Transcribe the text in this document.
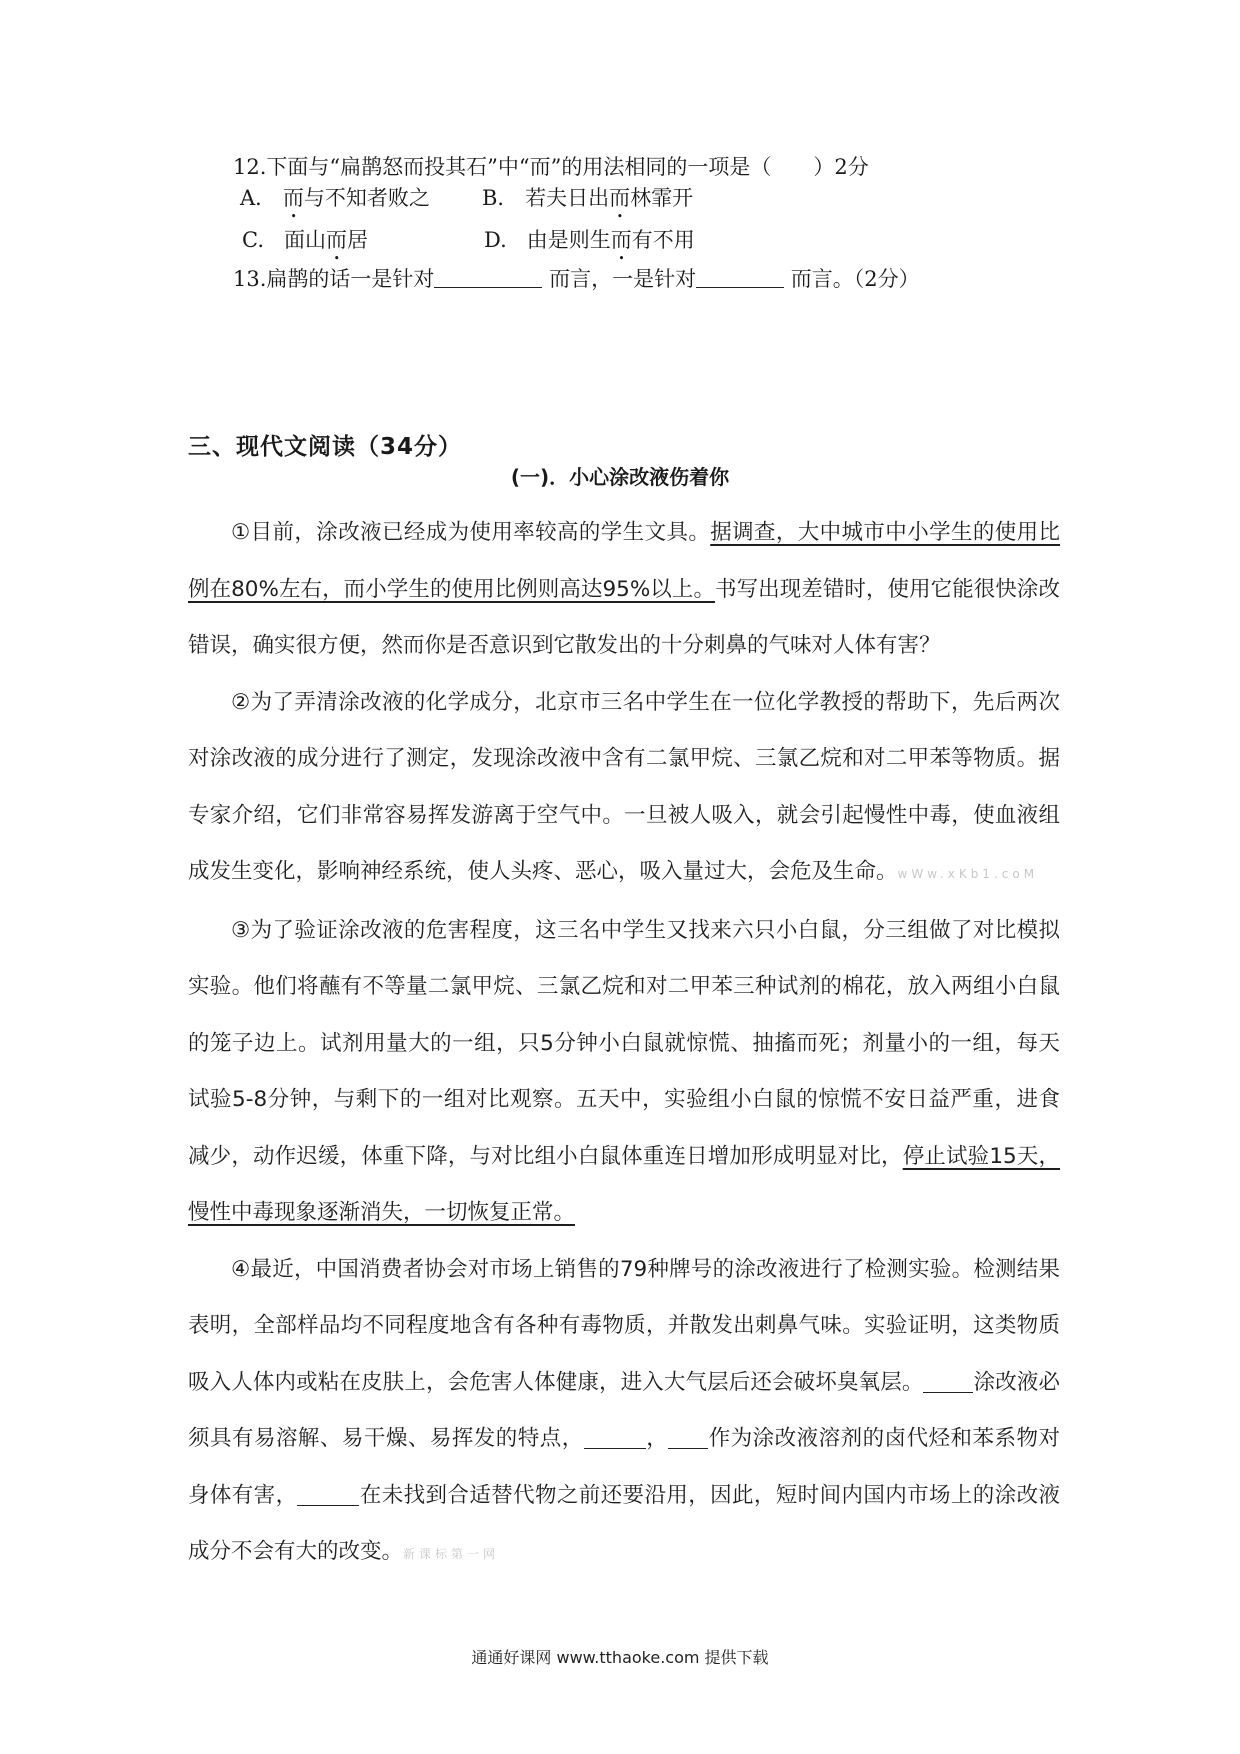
12.下面与“扁鹊怒而投其石”中“而”的用法相同的一项是（　　）2分
A． 而与不知者败之 B． 若夫日出而林霏开
C. 面山而居	D. 由是则生而有不用
13.扁鹊的话一是针对	而言，一是针对	而言。（2分）
三、现代文阅读（34分）
(一)．小心涂改液伤着你

①目前，涂改液已经成为使用率较高的学生文具。据调查，大中城市中小学生的使用比例在80%左右，而小学生的使用比例则高达95%以上。书写出现差错时，使用它能很快涂改错误，确实很方便，然而你是否意识到它散发出的十分刺鼻的气味对人体有害？

②为了弄清涂改液的化学成分，北京市三名中学生在一位化学教授的帮助下，先后两次对涂改液的成分进行了测定，发现涂改液中含有二氯甲烷、三氯乙烷和对二甲苯等物质。据专家介绍，它们非常容易挥发游离于空气中。一旦被人吸入，就会引起慢性中毒，使血液组成发生变化，影响神经系统，使人头疼、恶心，吸入量过大，会危及生命。wWw.xKb1.coM

③为了验证涂改液的危害程度，这三名中学生又找来六只小白鼠，分三组做了对比模拟实验。他们将蘸有不等量二氯甲烷、三氯乙烷和对二甲苯三种试剂的棉花，放入两组小白鼠的笼子边上。试剂用量大的一组，只5分钟小白鼠就惊慌、抽搐而死；剂量小的一组，每天试验5-8分钟，与剩下的一组对比观察。五天中，实验组小白鼠的惊慌不安日益严重，进食减少，动作迟缓，体重下降，与对比组小白鼠体重连日增加形成明显对比，停止试验15天，慢性中毒现象逐渐消失，一切恢复正常。

④最近，中国消费者协会对市场上销售的79种牌号的涂改液进行了检测实验。检测结果表明，全部样品均不同程度地含有各种有毒物质，并散发出刺鼻气味。实验证明，这类物质吸入人体内或粘在皮肤上，会危害人体健康，进入大气层后还会破坏臭氧层。 涂改液必须具有易溶解、易干燥、易挥发的特点，	， 作为涂改液溶剂的卤代烃和苯系物对身体有害，	在未找到合适替代物之前还要沿用，因此，短时间内国内市场上的涂改液成分不会有大的改变。新课标第一网

通通好课网 www.tthaoke.com 提供下载
